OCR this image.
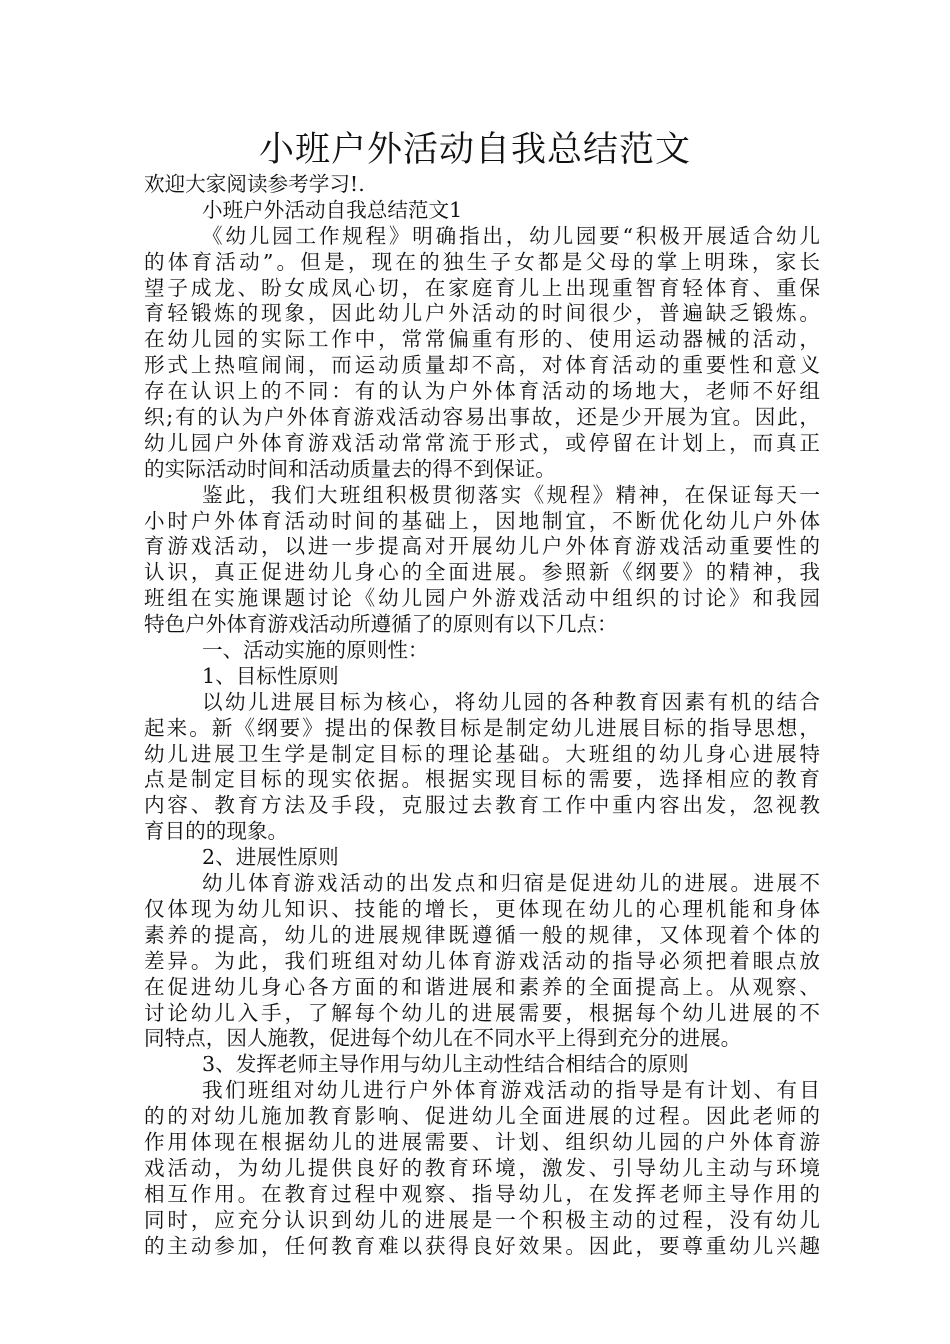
小班户外活动自我总结范文
欢迎大家阅读参考学习!.
小班户外活动自我总结范文1
《幼儿园工作规程》明确指出，幼儿园要“积极开展适合幼儿
的体育活动”。但是，现在的独生子女都是父母的掌上明珠，家长
望子成龙、盼女成凤心切，在家庭育儿上出现重智育轻体育、重保
育轻锻炼的现象，因此幼儿户外活动的时间很少，普遍缺乏锻炼。
在幼儿园的实际工作中，常常偏重有形的、使用运动器械的活动，
形式上热喧闹闹，而运动质量却不高，对体育活动的重要性和意义
存在认识上的不同：有的认为户外体育活动的场地大，老师不好组
织;有的认为户外体育游戏活动容易出事故，还是少开展为宜。因此，
幼儿园户外体育游戏活动常常流于形式，或停留在计划上，而真正
的实际活动时间和活动质量去的得不到保证。
鉴此，我们大班组积极贯彻落实《规程》精神，在保证每天一
小时户外体育活动时间的基础上，因地制宜，不断优化幼儿户外体
育游戏活动，以进一步提高对开展幼儿户外体育游戏活动重要性的
认识，真正促进幼儿身心的全面进展。参照新《纲要》的精神，我
班组在实施课题讨论《幼儿园户外游戏活动中组织的讨论》和我园
特色户外体育游戏活动所遵循了的原则有以下几点：
一、活动实施的原则性：
1、目标性原则
以幼儿进展目标为核心，将幼儿园的各种教育因素有机的结合
起来。新《纲要》提出的保教目标是制定幼儿进展目标的指导思想，
幼儿进展卫生学是制定目标的理论基础。大班组的幼儿身心进展特
点是制定目标的现实依据。根据实现目标的需要，选择相应的教育
内容、教育方法及手段，克服过去教育工作中重内容出发，忽视教
育目的的现象。
2、进展性原则
幼儿体育游戏活动的出发点和归宿是促进幼儿的进展。进展不
仅体现为幼儿知识、技能的增长，更体现在幼儿的心理机能和身体
素养的提高，幼儿的进展规律既遵循一般的规律，又体现着个体的
差异。为此，我们班组对幼儿体育游戏活动的指导必须把着眼点放
在促进幼儿身心各方面的和谐进展和素养的全面提高上。从观察、
讨论幼儿入手，了解每个幼儿的进展需要，根据每个幼儿进展的不
同特点，因人施教，促进每个幼儿在不同水平上得到充分的进展。
3、发挥老师主导作用与幼儿主动性结合相结合的原则
我们班组对幼儿进行户外体育游戏活动的指导是有计划、有目
的的对幼儿施加教育影响、促进幼儿全面进展的过程。因此老师的
作用体现在根据幼儿的进展需要、计划、组织幼儿园的户外体育游
戏活动，为幼儿提供良好的教育环境，激发、引导幼儿主动与环境
相互作用。在教育过程中观察、指导幼儿，在发挥老师主导作用的
同时，应充分认识到幼儿的进展是一个积极主动的过程，没有幼儿
的主动参加，任何教育难以获得良好效果。因此，要尊重幼儿兴趣
